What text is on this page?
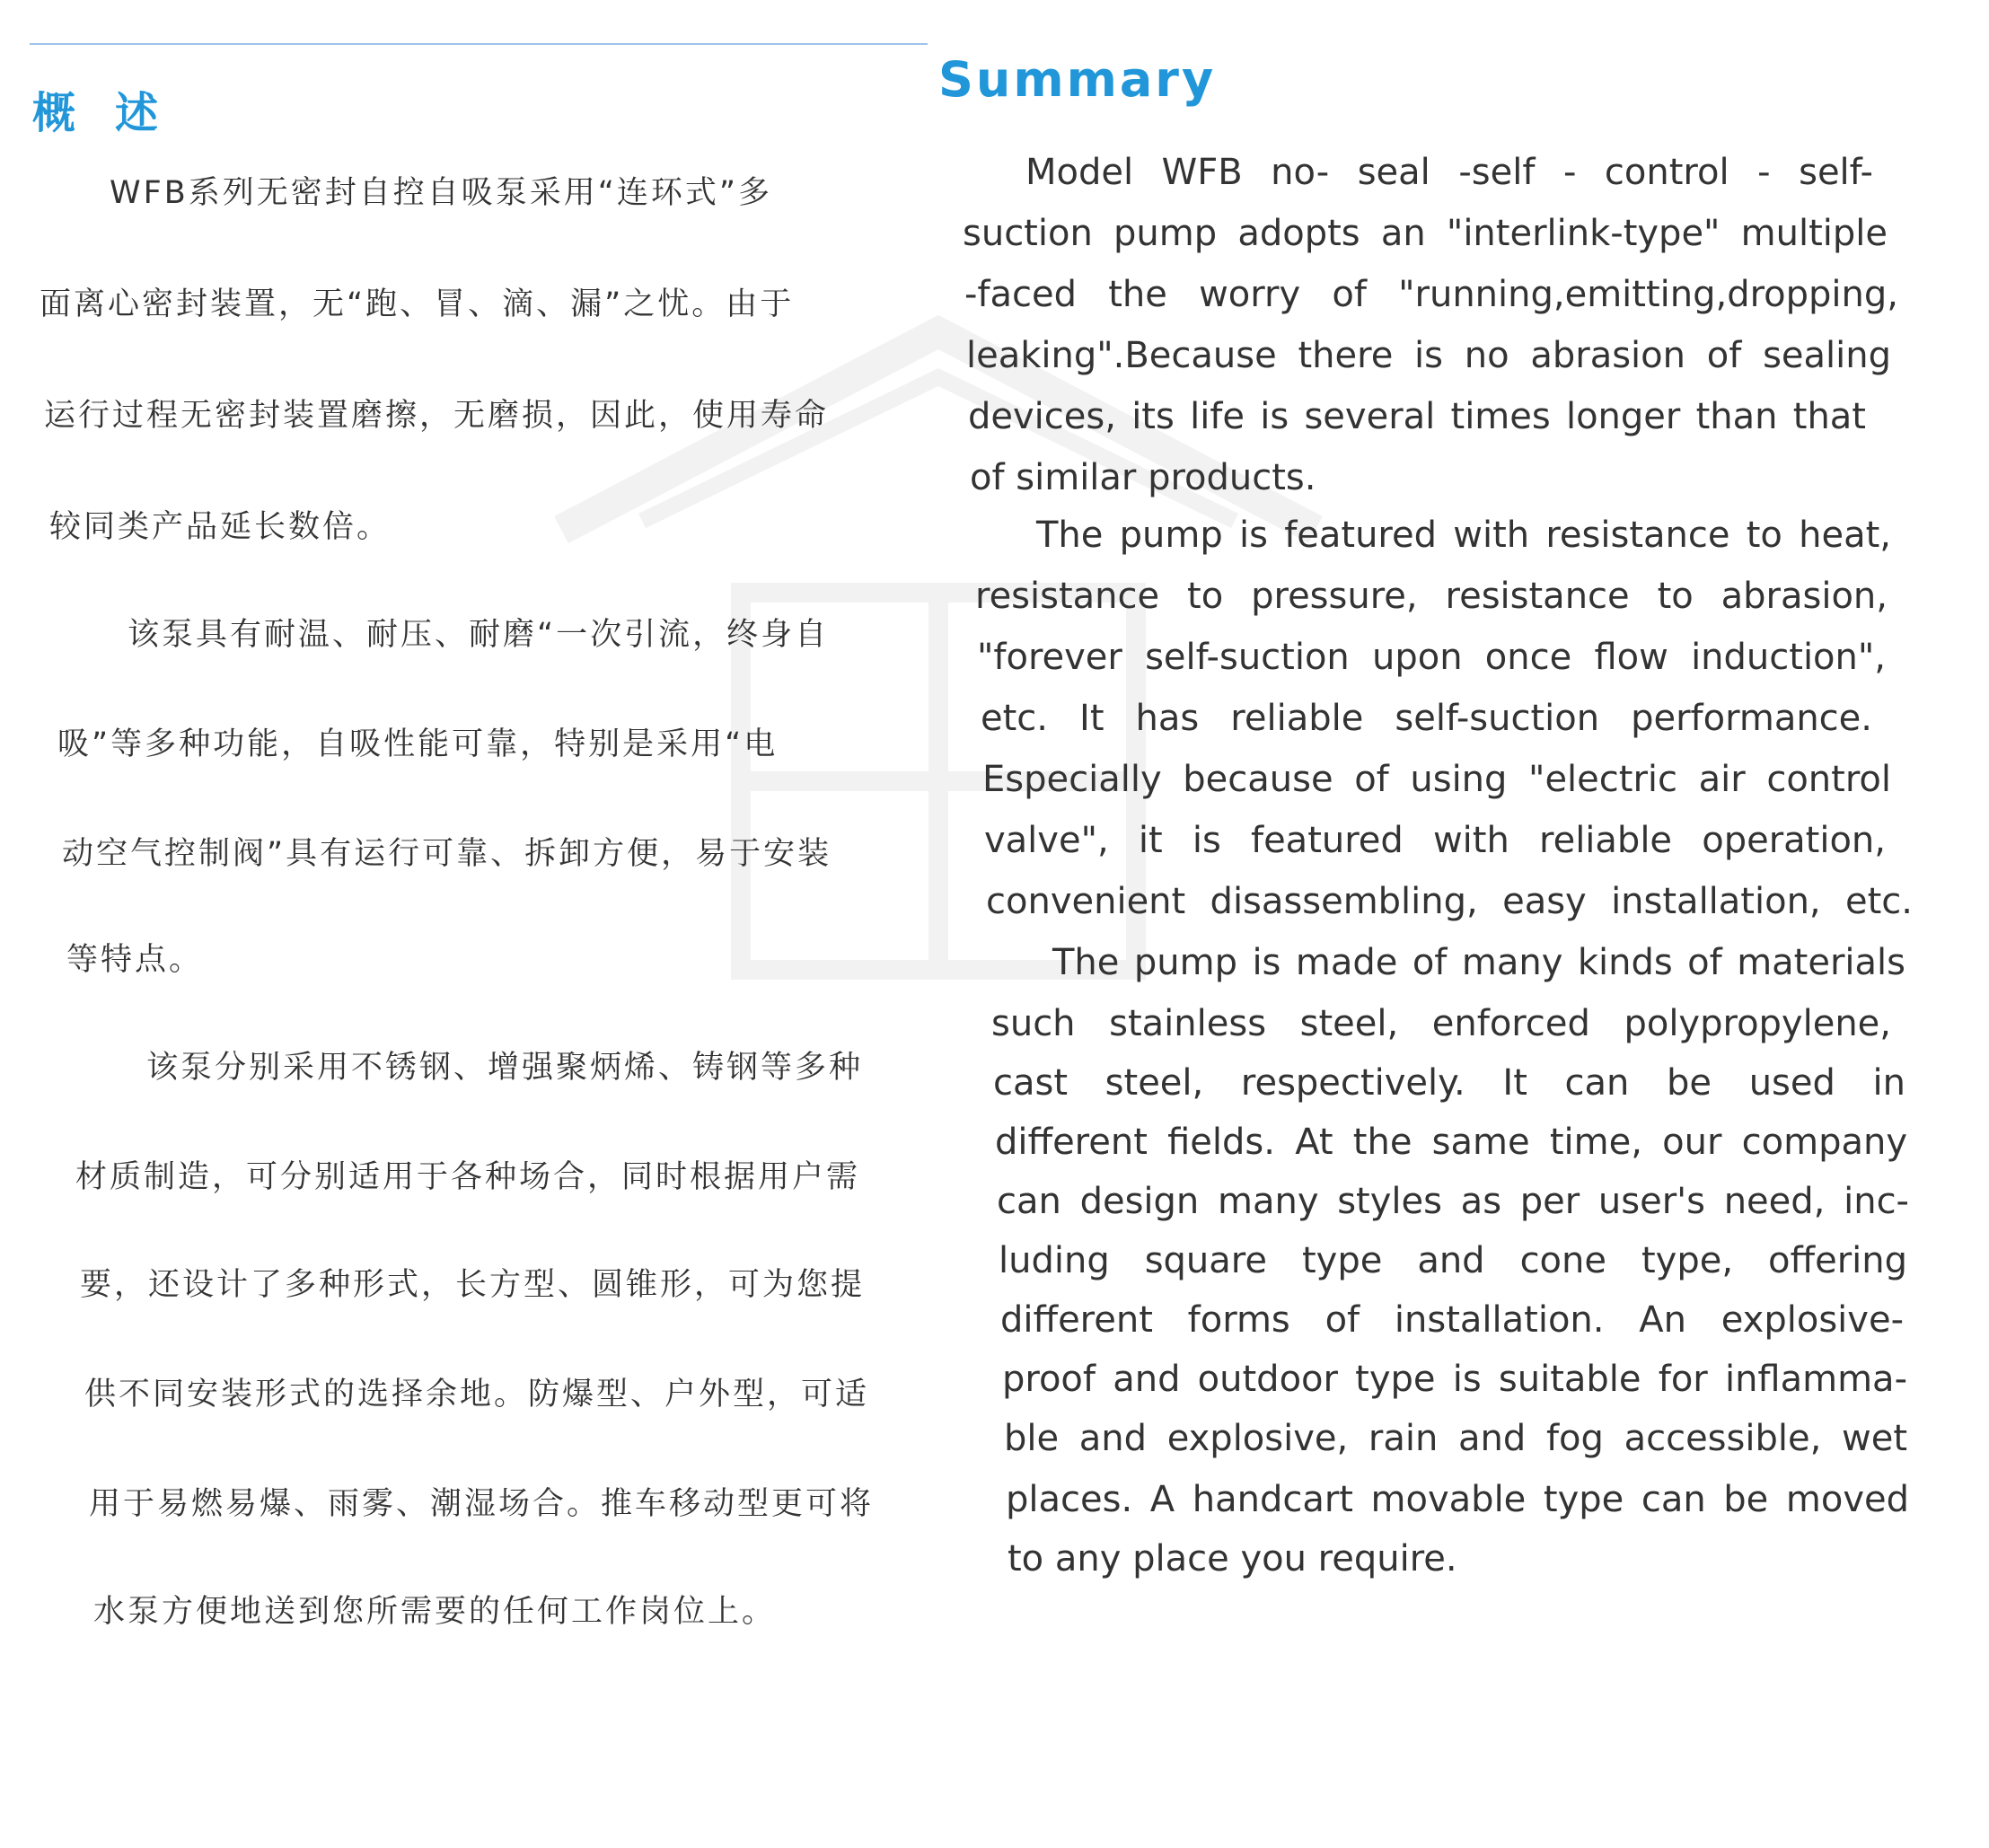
概述
Summary
WFB系列无密封自控自吸泵采用“连环式”多
面离心密封装置，无“跑、冒、滴、漏”之忧。由于
运行过程无密封装置磨擦，无磨损，因此，使用寿命
较同类产品延长数倍。
该泵具有耐温、耐压、耐磨“一次引流，终身自
吸”等多种功能，自吸性能可靠，特别是采用“电
动空气控制阀”具有运行可靠、拆卸方便，易于安装
等特点。
该泵分别采用不锈钢、增强聚炳烯、铸钢等多种
材质制造，可分别适用于各种场合，同时根据用户需
要，还设计了多种形式，长方型、圆锥形，可为您提
供不同安装形式的选择余地。防爆型、户外型，可适
用于易燃易爆、雨雾、潮湿场合。推车移动型更可将
水泵方便地送到您所需要的任何工作岗位上。
Model WFB no- seal -self - control - self-
suction pump adopts an "interlink-type" multiple
-faced the worry of "running,emitting,dropping,
leaking".Because there is no abrasion of sealing
devices, its life is several times longer than that
of similar products.
The pump is featured with resistance to heat,
resistance to pressure, resistance to abrasion,
"forever self-suction upon once flow induction",
etc. It has reliable self-suction performance.
Especially because of using "electric air control
valve", it is featured with reliable operation,
convenient disassembling, easy installation, etc.
The pump is made of many kinds of materials
such stainless steel, enforced polypropylene,
cast steel, respectively. It can be used in
different fields. At the same time, our company
can design many styles as per user's need, inc-
luding square type and cone type, offering
different forms of installation. An explosive-
proof and outdoor type is suitable for inflamma-
ble and explosive, rain and fog accessible, wet
places. A handcart movable type can be moved
to any place you require.
